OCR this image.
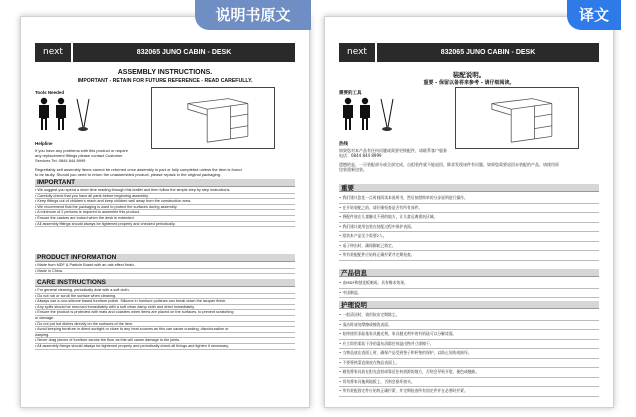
说明书原文	译文
next	832065 JUNO CABIN - DESK
ASSEMBLY INSTRUCTIONS.
IMPORTANT - RETAIN FOR FUTURE REFERENCE - READ CAREFULLY.
Tools Needed
Helpline
If you have any problems with this product or require
any replacement fittings please contact Customer
Services Tel: 0844 844 8999
Regrettably self assembly items cannot be returned once assembly is part or fully completed unless the item is found
to be faulty. Should you need to return the unassembled product, please repack in the original packaging.
IMPORTANT
• We suggest you spend a short time reading through this leaflet and then follow the simple step by step instructions.
• Carefully check that you have all parts before beginning assembly.
• Keep fittings out of children's reach and keep children well away from the construction area.
• We recommend that the packaging is used to protect the surfaces during assembly.
• A minimum of 2 persons is required to assemble this product.
• Ensure the castors are locked when the desk is extended.
• All assembly fittings should always be tightened properly and checked periodically.
PRODUCT INFORMATION
• Made from MDF & Particle Board with an oak effect finish.
• Made in China.
CARE INSTRUCTIONS
• For general cleaning, periodically dust with a soft cloth.
• Do not rub or scrub the surface when cleaning.
• Always use a non-silicone based furniture polish. Silicone in furniture polishes can break down the lacquer finish.
• Any spills should be removed immediately with a soft clean damp cloth and dried immediately.
• Ensure the product is protected with mats and coasters when items are placed on the surfaces, to prevent scratching
or damage.
• Do not put hot dishes directly on the surfaces of the item.
• Avoid keeping furniture in direct sunlight or close to any heat sources as this can cause cracking, discolouration or
warping.
• Never drag pieces of furniture across the floor as this will cause damage to the joints.
• All assembly fixings should always be tightened properly and periodically check all fixings and tighten if necessary.
next	832065 JUNO CABIN - DESK
装配说明。
重要 - 保留以备将来参考 - 请仔细阅读。
需要的工具
热线
如果您对本产品有任何问题或需要更换配件，请联系客户服务
电话：0844 844 8999
遗憾的是，一旦装配部分或全部完成，自组装件就不能退回，除非发现该件有问题。如果您需要退回未装配的产品，请使用原
包装重新包装。
重要
• 我们建议您花一点时间阅读本说明书，然后按照简单的分步说明进行操作。
• 在开始装配之前，请仔细检查是否有所有部件。
• 将配件放在儿童触及不到的地方，让儿童远离建筑区域。
• 我们建议使用包装在装配过程中保护表面。
• 组装本产品至少需要2人。
• 桌子伸出时，确保脚轮已锁定。
• 所有装配配件应始终正确拧紧并定期检查。
产品信息
• 由MDF和刨花板制成，具有橡木效果。
• 中国制造。
护理说明
• 一般清洁时，请用软布定期除尘。
• 清洁时请勿摩擦或擦洗表面。
• 始终使用非硅基家具抛光剂。家具抛光剂中的有机硅可以分解漆面。
• 应立即用柔软干净的湿布清除任何溢出物并立即擦干。
• 当物品放在表面上时，确保产品受到垫子和杯垫的保护，以防止划伤或损坏。
• 不要将热菜直接放在物品表面上。
• 避免将家具放在阳光直射或靠近任何热源的地方，否则会导致开裂、褪色或翘曲。
• 切勿将家具拖到地板上，否则会损坏接头。
• 所有装配固定件应始终正确拧紧，并定期检查所有固定件并在必要时拧紧。
